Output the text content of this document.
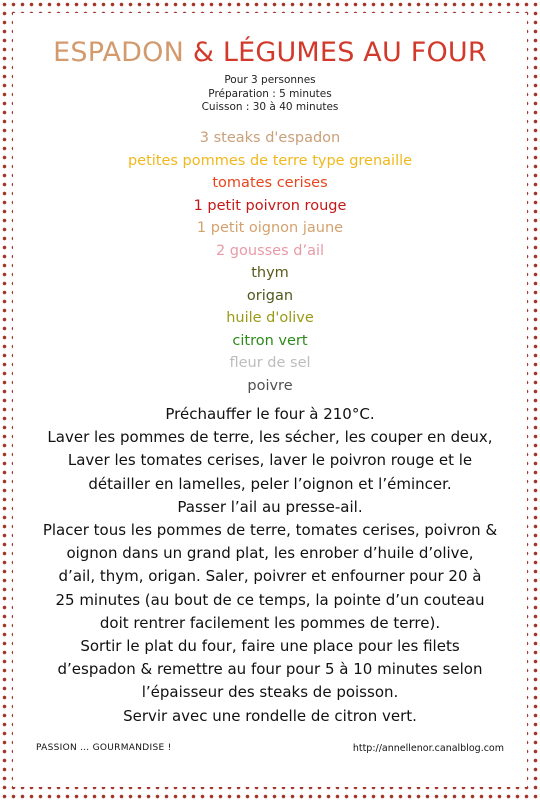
ESPADON & LÉGUMES AU FOUR
Pour 3 personnes
Préparation : 5 minutes
Cuisson : 30 à 40 minutes
3 steaks d'espadon
petites pommes de terre type grenaille
tomates cerises
1 petit poivron rouge
1 petit oignon jaune
2 gousses d’ail
thym
origan
huile d'olive
citron vert
fleur de sel
poivre
Préchauffer le four à 210°C.
Laver les pommes de terre, les sécher, les couper en deux,
Laver les tomates cerises, laver le poivron rouge et le
détailler en lamelles, peler l’oignon et l’émincer.
Passer l’ail au presse-ail.
Placer tous les pommes de terre, tomates cerises, poivron &
oignon dans un grand plat, les enrober d’huile d’olive,
d’ail, thym, origan. Saler, poivrer et enfourner pour 20 à
25 minutes (au bout de ce temps, la pointe d’un couteau
doit rentrer facilement les pommes de terre).
Sortir le plat du four, faire une place pour les filets
d’espadon & remettre au four pour 5 à 10 minutes selon
l’épaisseur des steaks de poisson.
Servir avec une rondelle de citron vert.
PASSION … GOURMANDISE !	http://annellenor.canalblog.com
